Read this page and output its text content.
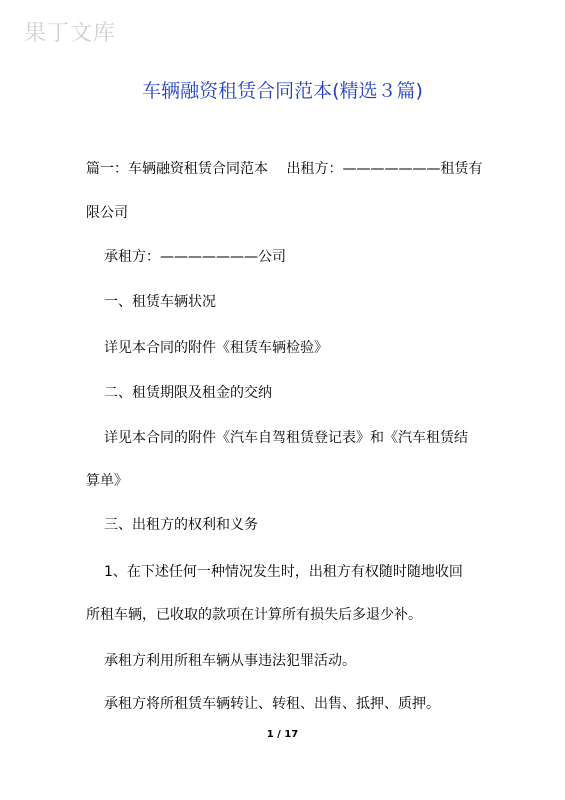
果丁文库
车辆融资租赁合同范本(精选３篇)
篇一：车辆融资租赁合同范本　 出租方：———————租赁有
限公司
承租方：———————公司
一、租赁车辆状况
详见本合同的附件《租赁车辆检验》
二、租赁期限及租金的交纳
详见本合同的附件《汽车自驾租赁登记表》和《汽车租赁结
算单》
三、出租方的权利和义务
1、在下述任何一种情况发生时，出租方有权随时随地收回
所租车辆，已收取的款项在计算所有损失后多退少补。
承租方利用所租车辆从事违法犯罪活动。
承租方将所租赁车辆转让、转租、出售、抵押、质押。
1 / 17
